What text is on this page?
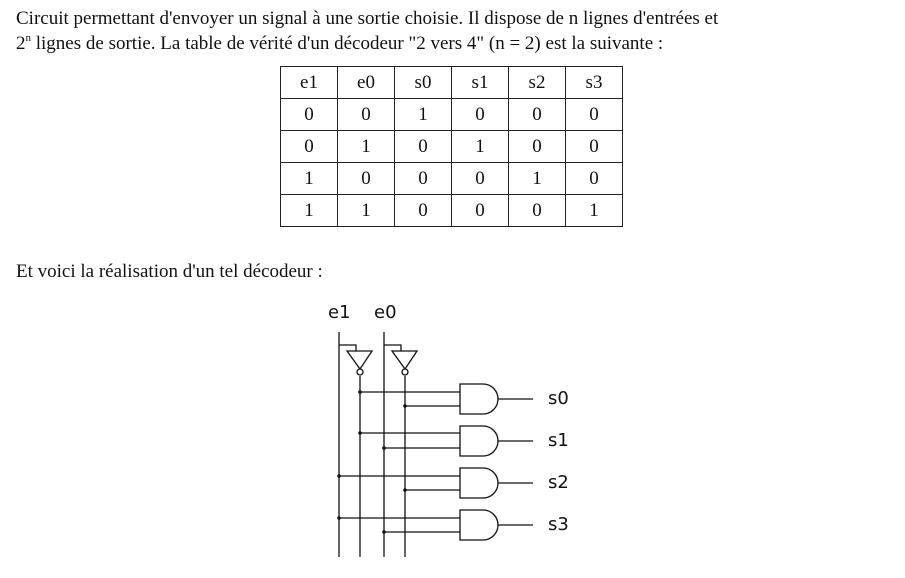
Circuit permettant d'envoyer un signal à une sortie choisie. Il dispose de n lignes d'entrées et
2$^n$ lignes de sortie. La table de vérité d'un décodeur "2 vers 4" (n = 2) est la suivante :

e1	e0	s0	s1	s2	s3
0	0	1	0	0	0
0	1	0	1	0	0
1	0	0	0	1	0
1	1	0	0	0	1

Et voici la réalisation d'un tel décodeur :

e1 e0
s0
s1
s2
s3
